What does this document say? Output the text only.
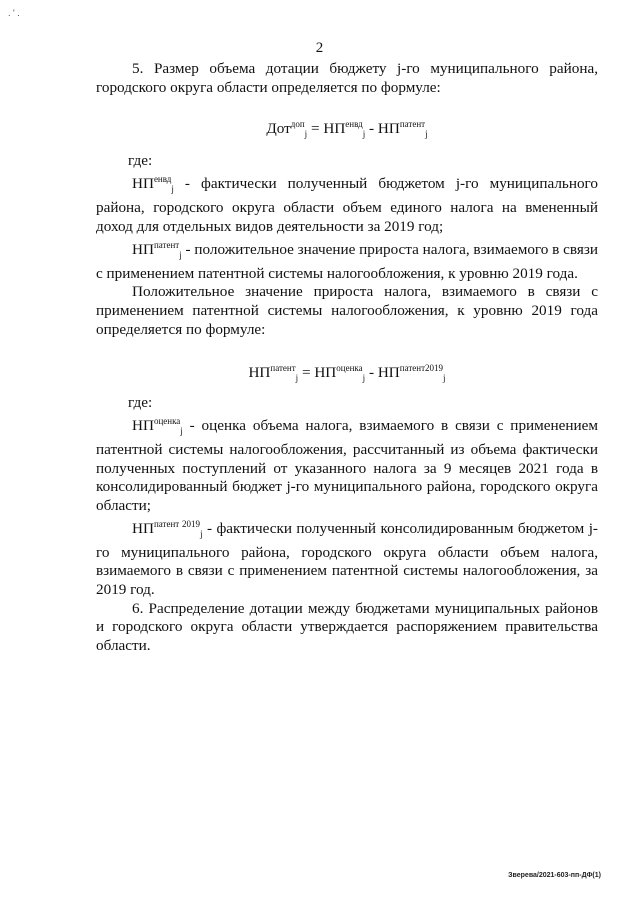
. ' .
2

5. Размер объема дотации бюджету j-го муниципального района, городского округа области определяется по формуле:

$Дот^{доп}_j = НП^{енвд}_j - НП^{патент}_j$

где:

$НП^{енвд}_j$ - фактически полученный бюджетом j-го муниципального района, городского округа области объем единого налога на вмененный доход для отдельных видов деятельности за 2019 год;

$НП^{патент}_j$ - положительное значение прироста налога, взимаемого в связи с применением патентной системы налогообложения, к уровню 2019 года.

Положительное значение прироста налога, взимаемого в связи с применением патентной системы налогообложения, к уровню 2019 года определяется по формуле:

$НП^{патент}_j = НП^{оценка}_j - НП^{патент2019}_j$

где:

$НП^{оценка}_j$ - оценка объема налога, взимаемого в связи с применением патентной системы налогообложения, рассчитанный из объема фактически полученных поступлений от указанного налога за 9 месяцев 2021 года в консолидированный бюджет j-го муниципального района, городского округа области;

$НП^{патент 2019}_j$ - фактически полученный консолидированным бюджетом j-го муниципального района, городского округа области объем налога, взимаемого в связи с применением патентной системы налогообложения, за 2019 год.

6. Распределение дотации между бюджетами муниципальных районов и городского округа области утверждается распоряжением правительства области.

Зверева/2021-603-пп-ДФ(1)
